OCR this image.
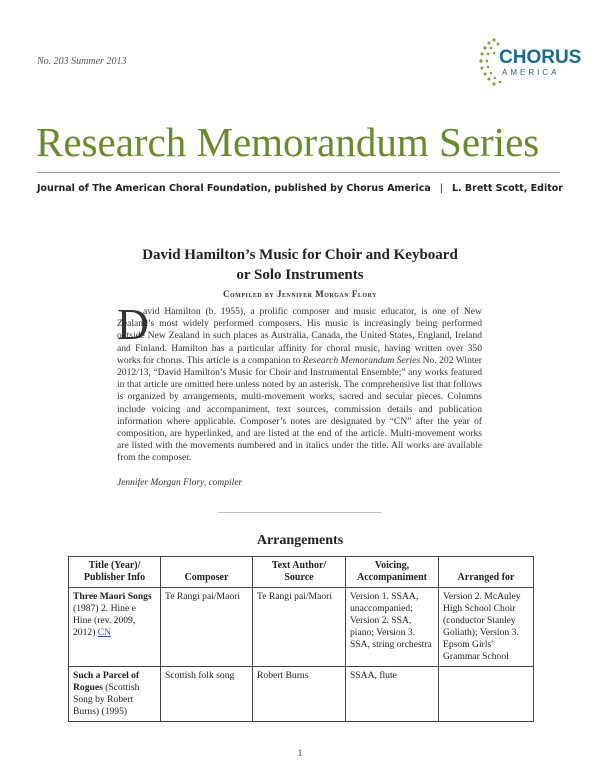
No. 203 Summer 2013	CHORUS
AMERICA
Research Memorandum Series
Journal of The American Choral Foundation, published by Chorus America | L. Brett Scott, Editor
David Hamilton’s Music for Choir and Keyboard
or Solo Instruments
Compiled by Jennifer Morgan Flory
D
avid Hamilton (b. 1955), a prolific composer and music educator, is one of New Zealand’s most widely performed composers. His music is increasingly being performed outside New Zealand in such places as Australia, Canada, the United States, England, Ireland and Finland. Hamilton has a particular affinity for choral music, having written over 350 works for chorus. This article is a companion to Research Memorandum Series No. 202 Winter 2012/13, “David Hamilton’s Music for Choir and Instrumental Ensemble;” any works featured in that article are omitted here unless noted by an asterisk. The comprehensive list that follows is organized by arrangements, multi-movement works, sacred and secular pieces. Columns include voicing and accompaniment, text sources, commission details and publication information where applicable. Composer’s notes are designated by “CN” after the year of composition, are hyperlinked, and are listed at the end of the article. Multi-movement works are listed with the movements numbered and in italics under the title. All works are available from the composer.
Jennifer Morgan Flory, compiler
Arrangements
Title (Year)/ Publisher Info	Composer	Text Author/ Source	Voicing, Accompaniment	Arranged for
Three Maori Songs (1987) 2. Hine e Hine (rev. 2009, 2012) CN	Te Rangi pai/Maori	Te Rangi pai/Maori	Version 1. SSAA, unaccompanied; Version 2. SSA, piano; Version 3. SSA, string orchestra	Version 2. McAuley High School Choir (conductor Stanley Goliath); Version 3. Epsom Girls' Grammar School
Such a Parcel of Rogues (Scottish Song by Robert Burns) (1995)	Scottish folk song	Robert Burns	SSAA, flute	
1
